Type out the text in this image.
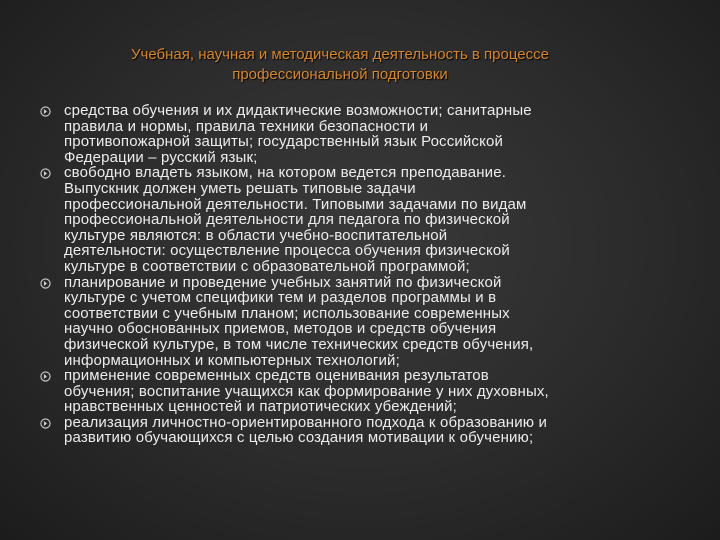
Учебная, научная и методическая деятельность в процессе
профессиональной подготовки
средства обучения и их дидактические возможности; санитарные
правила и нормы, правила техники безопасности и
противопожарной защиты; государственный язык Российской
Федерации – русский язык;
свободно владеть языком, на котором ведется преподавание.
Выпускник должен уметь решать типовые задачи
профессиональной деятельности. Типовыми задачами по видам
профессиональной деятельности для педагога по физической
культуре являются: в области учебно-воспитательной
деятельности: осуществление процесса обучения физической
культуре в соответствии с образовательной программой;
планирование и проведение учебных занятий по физической
культуре с учетом специфики тем и разделов программы и в
соответствии с учебным планом; использование современных
научно обоснованных приемов, методов и средств обучения
физической культуре, в том числе технических средств обучения,
информационных и компьютерных технологий;
применение современных средств оценивания результатов
обучения; воспитание учащихся как формирование у них духовных,
нравственных ценностей и патриотических убеждений;
реализация личностно-ориентированного подхода к образованию и
развитию обучающихся с целью создания мотивации к обучению;
